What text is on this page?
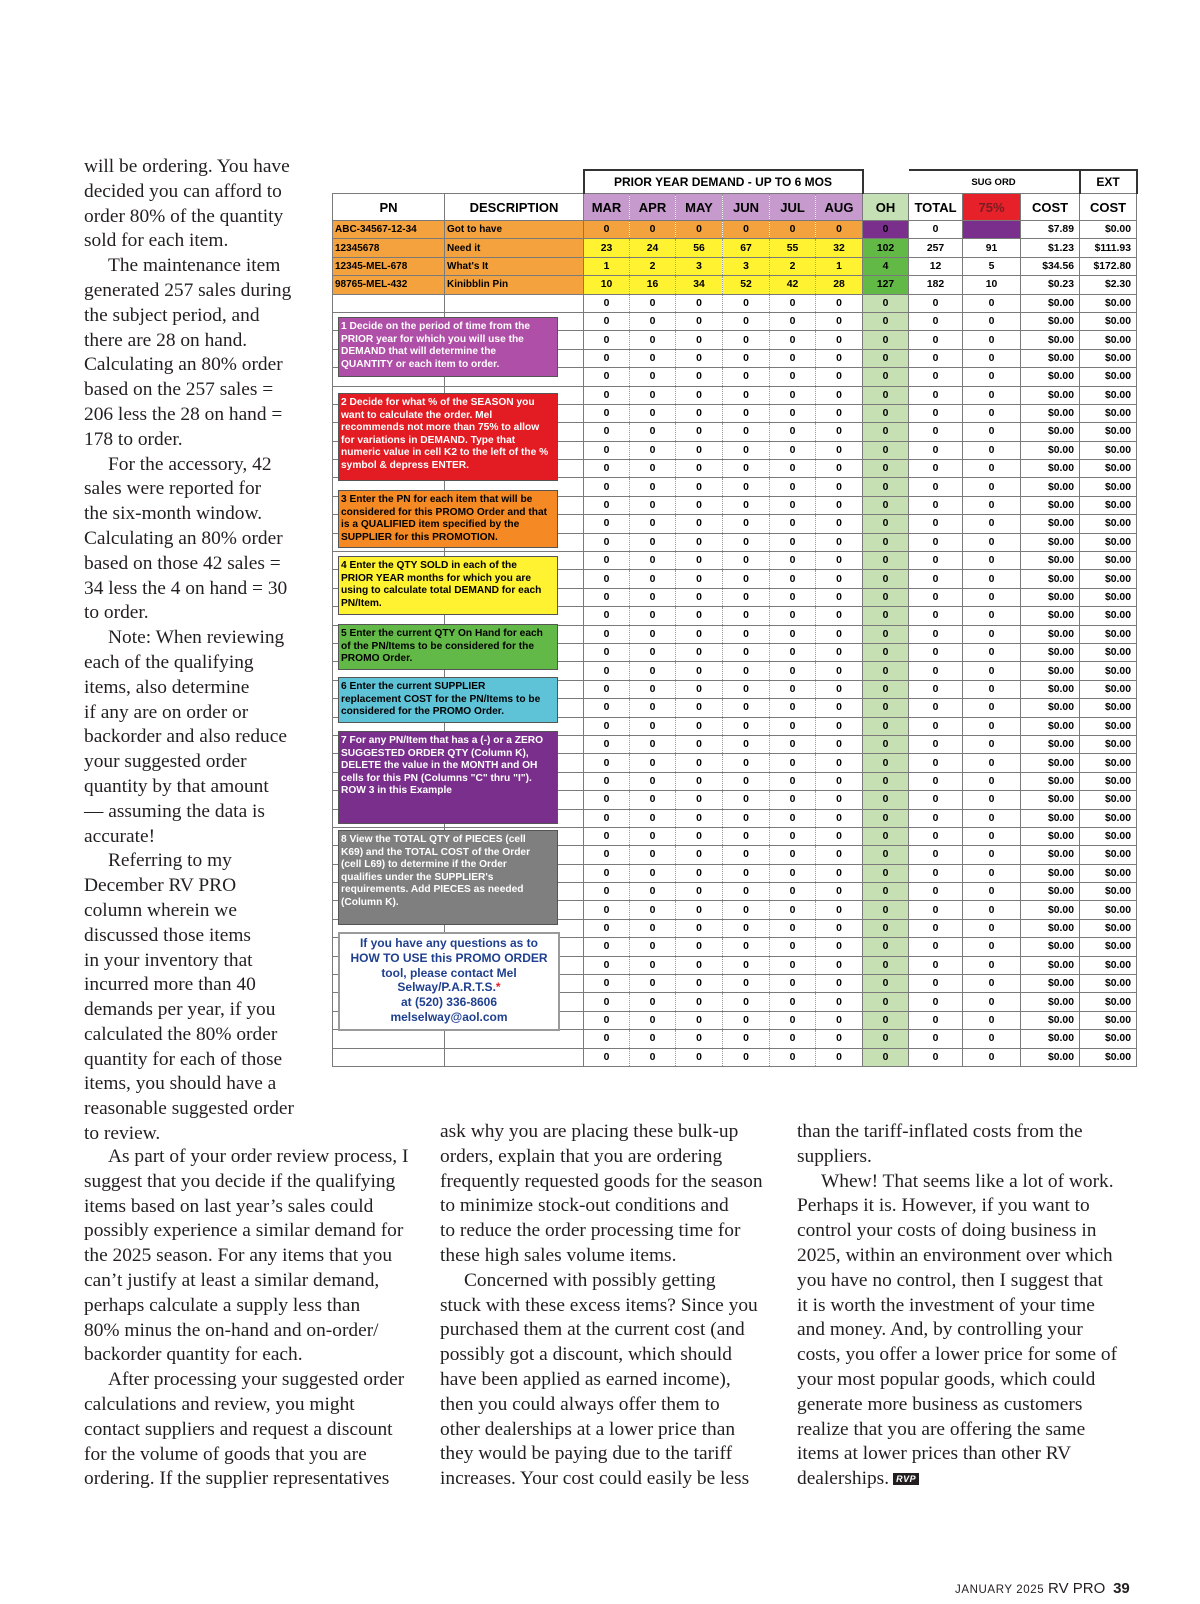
will be ordering. You have
decided you can afford to
order 80% of the quantity
sold for each item.
The maintenance item
generated 257 sales during
the subject period, and
there are 28 on hand.
Calculating an 80% order
based on the 257 sales =
206 less the 28 on hand =
178 to order.
For the accessory, 42
sales were reported for
the six-month window.
Calculating an 80% order
based on those 42 sales =
34 less the 4 on hand = 30
to order.
Note: When reviewing
each of the qualifying
items, also determine
if any are on order or
backorder and also reduce
your suggested order
quantity by that amount
— assuming the data is
accurate!
Referring to my
December RV PRO
column wherein we
discussed those items
in your inventory that
incurred more than 40
demands per year, if you
calculated the 80% order
quantity for each of those
items, you should have a
reasonable suggested order
to review.
As part of your order review process, I
suggest that you decide if the qualifying
items based on last year’s sales could
possibly experience a similar demand for
the 2025 season. For any items that you
can’t justify at least a similar demand,
perhaps calculate a supply less than
80% minus the on-hand and on-order/
backorder quantity for each.
After processing your suggested order
calculations and review, you might
contact suppliers and request a discount
for the volume of goods that you are
ordering. If the supplier representatives
ask why you are placing these bulk-up
orders, explain that you are ordering
frequently requested goods for the season
to minimize stock-out conditions and
to reduce the order processing time for
these high sales volume items.
Concerned with possibly getting
stuck with these excess items? Since you
purchased them at the current cost (and
possibly got a discount, which should
have been applied as earned income),
then you could always offer them to
other dealerships at a lower price than
they would be paying due to the tariff
increases. Your cost could easily be less
than the tariff-inflated costs from the
suppliers.
Whew! That seems like a lot of work.
Perhaps it is. However, if you want to
control your costs of doing business in
2025, within an environment over which
you have no control, then I suggest that
it is worth the investment of your time
and money. And, by controlling your
costs, you offer a lower price for some of
your most popular goods, which could
generate more business as customers
realize that you are offering the same
items at lower prices than other RV
dealerships. RVP
		PRIOR YEAR DEMAND - UP TO 6 MOS							SUG ORD			EXT
PN	DESCRIPTION	MAR	APR	MAY	JUN	JUL	AUG	OH	TOTAL	75%	COST	COST
ABC-34567-12-34	Got to have	0	0	0	0	0	0	0	0		$7.89	$0.00
12345678	Need it	23	24	56	67	55	32	102	257	91	$1.23	$111.93
12345-MEL-678	What's It	1	2	3	3	2	1	4	12	5	$34.56	$172.80
98765-MEL-432	Kinibblin Pin	10	16	34	52	42	28	127	182	10	$0.23	$2.30
		0	0	0	0	0	0	0	0	0	$0.00	$0.00
		0	0	0	0	0	0	0	0	0	$0.00	$0.00
		0	0	0	0	0	0	0	0	0	$0.00	$0.00
		0	0	0	0	0	0	0	0	0	$0.00	$0.00
		0	0	0	0	0	0	0	0	0	$0.00	$0.00
		0	0	0	0	0	0	0	0	0	$0.00	$0.00
		0	0	0	0	0	0	0	0	0	$0.00	$0.00
		0	0	0	0	0	0	0	0	0	$0.00	$0.00
		0	0	0	0	0	0	0	0	0	$0.00	$0.00
		0	0	0	0	0	0	0	0	0	$0.00	$0.00
		0	0	0	0	0	0	0	0	0	$0.00	$0.00
		0	0	0	0	0	0	0	0	0	$0.00	$0.00
		0	0	0	0	0	0	0	0	0	$0.00	$0.00
		0	0	0	0	0	0	0	0	0	$0.00	$0.00
		0	0	0	0	0	0	0	0	0	$0.00	$0.00
		0	0	0	0	0	0	0	0	0	$0.00	$0.00
		0	0	0	0	0	0	0	0	0	$0.00	$0.00
		0	0	0	0	0	0	0	0	0	$0.00	$0.00
		0	0	0	0	0	0	0	0	0	$0.00	$0.00
		0	0	0	0	0	0	0	0	0	$0.00	$0.00
		0	0	0	0	0	0	0	0	0	$0.00	$0.00
		0	0	0	0	0	0	0	0	0	$0.00	$0.00
		0	0	0	0	0	0	0	0	0	$0.00	$0.00
		0	0	0	0	0	0	0	0	0	$0.00	$0.00
		0	0	0	0	0	0	0	0	0	$0.00	$0.00
		0	0	0	0	0	0	0	0	0	$0.00	$0.00
		0	0	0	0	0	0	0	0	0	$0.00	$0.00
		0	0	0	0	0	0	0	0	0	$0.00	$0.00
		0	0	0	0	0	0	0	0	0	$0.00	$0.00
		0	0	0	0	0	0	0	0	0	$0.00	$0.00
		0	0	0	0	0	0	0	0	0	$0.00	$0.00
		0	0	0	0	0	0	0	0	0	$0.00	$0.00
		0	0	0	0	0	0	0	0	0	$0.00	$0.00
		0	0	0	0	0	0	0	0	0	$0.00	$0.00
		0	0	0	0	0	0	0	0	0	$0.00	$0.00
		0	0	0	0	0	0	0	0	0	$0.00	$0.00
		0	0	0	0	0	0	0	0	0	$0.00	$0.00
		0	0	0	0	0	0	0	0	0	$0.00	$0.00
		0	0	0	0	0	0	0	0	0	$0.00	$0.00
		0	0	0	0	0	0	0	0	0	$0.00	$0.00
		0	0	0	0	0	0	0	0	0	$0.00	$0.00
		0	0	0	0	0	0	0	0	0	$0.00	$0.00
1 Decide on the period of time from the
PRIOR year for which you will use the
DEMAND that will determine the
QUANTITY or each item to order.
2 Decide for what % of the SEASON you
want to calculate the order. Mel
recommends not more than 75% to allow
for variations in DEMAND. Type that
numeric value in cell K2 to the left of the %
symbol & depress ENTER.
3 Enter the PN for each item that will be
considered for this PROMO Order and that
is a QUALIFIED item specified by the
SUPPLIER for this PROMOTION.
4 Enter the QTY SOLD in each of the
PRIOR YEAR months for which you are
using to calculate total DEMAND for each
PN/Item.
5 Enter the current QTY On Hand for each
of the PN/Items to be considered for the
PROMO Order.
6 Enter the current SUPPLIER
replacement COST for the PN/Items to be
considered for the PROMO Order.
7 For any PN/Item that has a (-) or a ZERO
SUGGESTED ORDER QTY (Column K),
DELETE the value in the MONTH and OH
cells for this PN (Columns "C" thru "I").
ROW 3 in this Example
8 View the TOTAL QTY of PIECES (cell
K69) and the TOTAL COST of the Order
(cell L69) to determine if the Order
qualifies under the SUPPLIER's
requirements. Add PIECES as needed
(Column K).
If you have any questions as to
HOW TO USE this PROMO ORDER
tool, please contact Mel
Selway/P.A.R.T.S.*
at (520) 336-8606
melselway@aol.com
JANUARY 2025 RV PRO 39
